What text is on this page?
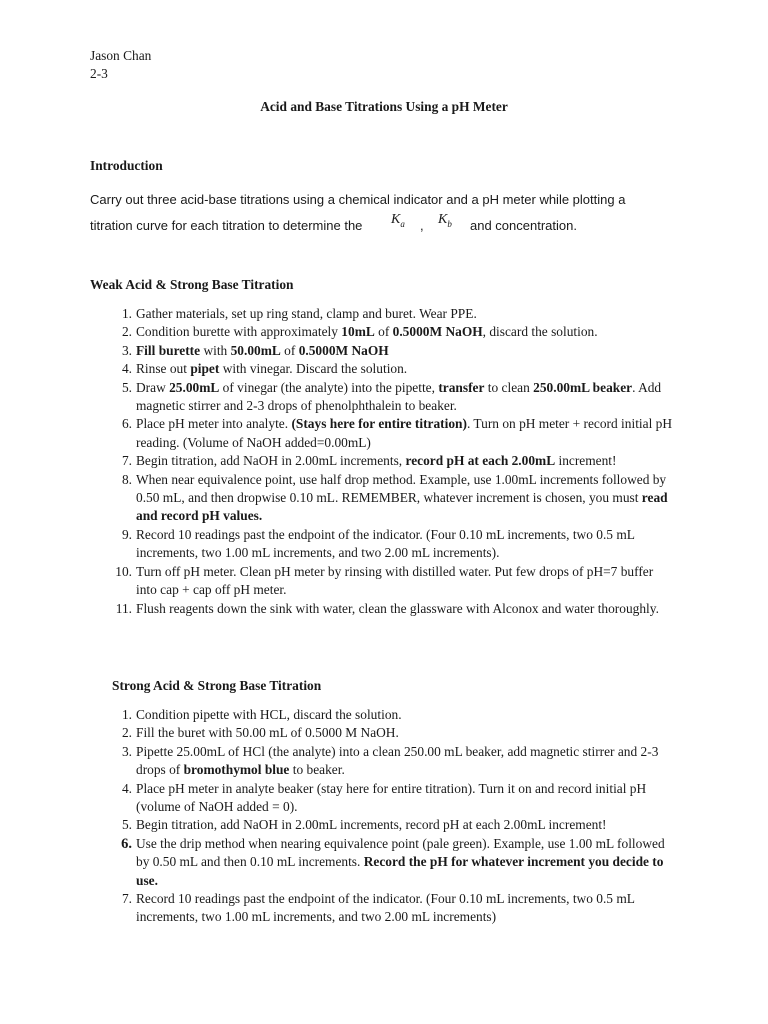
Jason Chan
2-3
Acid and Base Titrations Using a pH Meter
Introduction
Carry out three acid-base titrations using a chemical indicator and a pH meter while plotting a
titration curve for each titration to determine the $K_a$ , $K_b$ and concentration.
Weak Acid & Strong Base Titration
1. Gather materials, set up ring stand, clamp and buret. Wear PPE.
2. Condition burette with approximately 10mL of 0.5000M NaOH, discard the solution.
3. Fill burette with 50.00mL of 0.5000M NaOH
4. Rinse out pipet with vinegar. Discard the solution.
5. Draw 25.00mL of vinegar (the analyte) into the pipette, transfer to clean 250.00mL beaker. Add magnetic stirrer and 2-3 drops of phenolphthalein to beaker.
6. Place pH meter into analyte. (Stays here for entire titration). Turn on pH meter + record initial pH reading. (Volume of NaOH added=0.00mL)
7. Begin titration, add NaOH in 2.00mL increments, record pH at each 2.00mL increment!
8. When near equivalence point, use half drop method. Example, use 1.00mL increments followed by 0.50 mL, and then dropwise 0.10 mL. REMEMBER, whatever increment is chosen, you must read and record pH values.
9. Record 10 readings past the endpoint of the indicator. (Four 0.10 mL increments, two 0.5 mL increments, two 1.00 mL increments, and two 2.00 mL increments).
10. Turn off pH meter. Clean pH meter by rinsing with distilled water. Put few drops of pH=7 buffer into cap + cap off pH meter.
11. Flush reagents down the sink with water, clean the glassware with Alconox and water thoroughly.
Strong Acid & Strong Base Titration
1. Condition pipette with HCL, discard the solution.
2. Fill the buret with 50.00 mL of 0.5000 M NaOH.
3. Pipette 25.00mL of HCl (the analyte) into a clean 250.00 mL beaker, add magnetic stirrer and 2-3 drops of bromothymol blue to beaker.
4. Place pH meter in analyte beaker (stay here for entire titration). Turn it on and record initial pH (volume of NaOH added = 0).
5. Begin titration, add NaOH in 2.00mL increments, record pH at each 2.00mL increment!
6. Use the drip method when nearing equivalence point (pale green). Example, use 1.00 mL followed by 0.50 mL and then 0.10 mL increments. Record the pH for whatever increment you decide to use.
7. Record 10 readings past the endpoint of the indicator. (Four 0.10 mL increments, two 0.5 mL increments, two 1.00 mL increments, and two 2.00 mL increments)
